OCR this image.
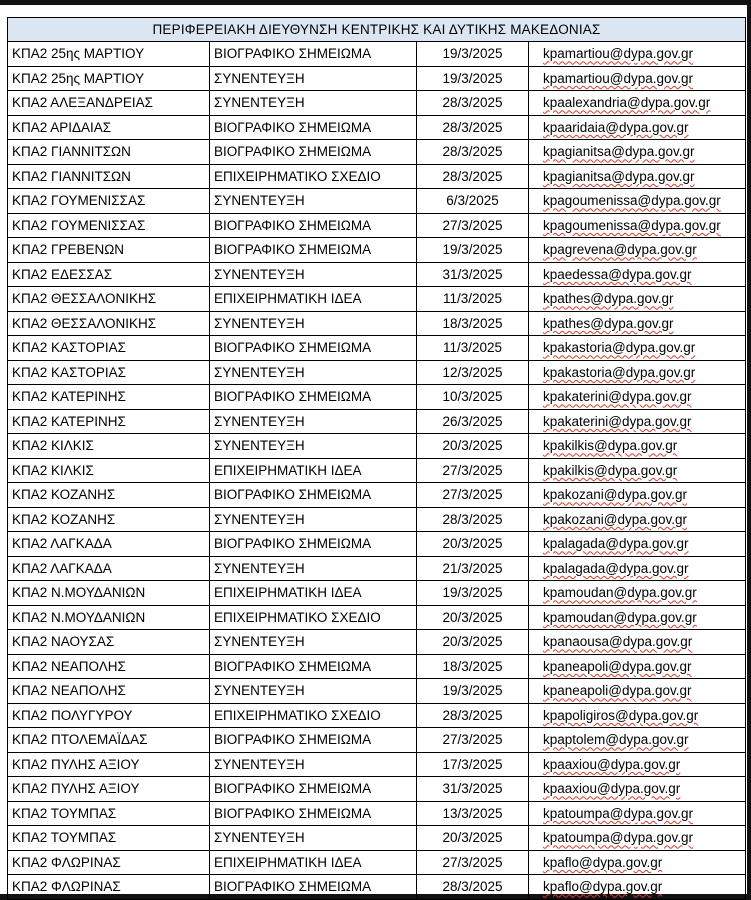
ΠΕΡΙΦΕΡΕΙΑΚΗ ΔΙΕΥΘΥΝΣΗ ΚΕΝΤΡΙΚΗΣ ΚΑΙ ΔΥΤΙΚΗΣ ΜΑΚΕΔΟΝΙΑΣ			
ΚΠΑ2 25ης ΜΑΡΤΙΟΥ	ΒΙΟΓΡΑΦΙΚΟ ΣΗΜΕΙΩΜΑ	19/3/2025	kpamartiou@dypa.gov.gr
ΚΠΑ2 25ης ΜΑΡΤΙΟΥ	ΣΥΝΕΝΤΕΥΞΗ	19/3/2025	kpamartiou@dypa.gov.gr
ΚΠΑ2 ΑΛΕΞΑΝΔΡΕΙΑΣ	ΣΥΝΕΝΤΕΥΞΗ	28/3/2025	kpaalexandria@dypa.gov.gr
ΚΠΑ2 ΑΡΙΔΑΙΑΣ	ΒΙΟΓΡΑΦΙΚΟ ΣΗΜΕΙΩΜΑ	28/3/2025	kpaaridaia@dypa.gov.gr
ΚΠΑ2 ΓΙΑΝΝΙΤΣΩΝ	ΒΙΟΓΡΑΦΙΚΟ ΣΗΜΕΙΩΜΑ	28/3/2025	kpagianitsa@dypa.gov.gr
ΚΠΑ2 ΓΙΑΝΝΙΤΣΩΝ	ΕΠΙΧΕΙΡΗΜΑΤΙΚΟ ΣΧΕΔΙΟ	28/3/2025	kpagianitsa@dypa.gov.gr
ΚΠΑ2 ΓΟΥΜΕΝΙΣΣΑΣ	ΣΥΝΕΝΤΕΥΞΗ	6/3/2025	kpagoumenissa@dypa.gov.gr
ΚΠΑ2 ΓΟΥΜΕΝΙΣΣΑΣ	ΒΙΟΓΡΑΦΙΚΟ ΣΗΜΕΙΩΜΑ	27/3/2025	kpagoumenissa@dypa.gov.gr
ΚΠΑ2 ΓΡΕΒΕΝΩΝ	ΒΙΟΓΡΑΦΙΚΟ ΣΗΜΕΙΩΜΑ	19/3/2025	kpagrevena@dypa.gov.gr
ΚΠΑ2 ΕΔΕΣΣΑΣ	ΣΥΝΕΝΤΕΥΞΗ	31/3/2025	kpaedessa@dypa.gov.gr
ΚΠΑ2 ΘΕΣΣΑΛΟΝΙΚΗΣ	ΕΠΙΧΕΙΡΗΜΑΤΙΚΗ ΙΔΕΑ	11/3/2025	kpathes@dypa.gov.gr
ΚΠΑ2 ΘΕΣΣΑΛΟΝΙΚΗΣ	ΣΥΝΕΝΤΕΥΞΗ	18/3/2025	kpathes@dypa.gov.gr
ΚΠΑ2 ΚΑΣΤΟΡΙΑΣ	ΒΙΟΓΡΑΦΙΚΟ ΣΗΜΕΙΩΜΑ	11/3/2025	kpakastoria@dypa.gov.gr
ΚΠΑ2 ΚΑΣΤΟΡΙΑΣ	ΣΥΝΕΝΤΕΥΞΗ	12/3/2025	kpakastoria@dypa.gov.gr
ΚΠΑ2 ΚΑΤΕΡΙΝΗΣ	ΒΙΟΓΡΑΦΙΚΟ ΣΗΜΕΙΩΜΑ	10/3/2025	kpakaterini@dypa.gov.gr
ΚΠΑ2 ΚΑΤΕΡΙΝΗΣ	ΣΥΝΕΝΤΕΥΞΗ	26/3/2025	kpakaterini@dypa.gov.gr
ΚΠΑ2 ΚΙΛΚΙΣ	ΣΥΝΕΝΤΕΥΞΗ	20/3/2025	kpakilkis@dypa.gov.gr
ΚΠΑ2 ΚΙΛΚΙΣ	ΕΠΙΧΕΙΡΗΜΑΤΙΚΗ ΙΔΕΑ	27/3/2025	kpakilkis@dypa.gov.gr
ΚΠΑ2 ΚΟΖΑΝΗΣ	ΒΙΟΓΡΑΦΙΚΟ ΣΗΜΕΙΩΜΑ	27/3/2025	kpakozani@dypa.gov.gr
ΚΠΑ2 ΚΟΖΑΝΗΣ	ΣΥΝΕΝΤΕΥΞΗ	28/3/2025	kpakozani@dypa.gov.gr
ΚΠΑ2 ΛΑΓΚΑΔΑ	ΒΙΟΓΡΑΦΙΚΟ ΣΗΜΕΙΩΜΑ	20/3/2025	kpalagada@dypa.gov.gr
ΚΠΑ2 ΛΑΓΚΑΔΑ	ΣΥΝΕΝΤΕΥΞΗ	21/3/2025	kpalagada@dypa.gov.gr
ΚΠΑ2 Ν.ΜΟΥΔΑΝΙΩΝ	ΕΠΙΧΕΙΡΗΜΑΤΙΚΗ ΙΔΕΑ	19/3/2025	kpamoudan@dypa.gov.gr
ΚΠΑ2 Ν.ΜΟΥΔΑΝΙΩΝ	ΕΠΙΧΕΙΡΗΜΑΤΙΚΟ ΣΧΕΔΙΟ	20/3/2025	kpamoudan@dypa.gov.gr
ΚΠΑ2 ΝΑΟΥΣΑΣ	ΣΥΝΕΝΤΕΥΞΗ	20/3/2025	kpanaousa@dypa.gov.gr
ΚΠΑ2 ΝΕΑΠΟΛΗΣ	ΒΙΟΓΡΑΦΙΚΟ ΣΗΜΕΙΩΜΑ	18/3/2025	kpaneapoli@dypa.gov.gr
ΚΠΑ2 ΝΕΑΠΟΛΗΣ	ΣΥΝΕΝΤΕΥΞΗ	19/3/2025	kpaneapoli@dypa.gov.gr
ΚΠΑ2 ΠΟΛΥΓΥΡΟΥ	ΕΠΙΧΕΙΡΗΜΑΤΙΚΟ ΣΧΕΔΙΟ	28/3/2025	kpapoligiros@dypa.gov.gr
ΚΠΑ2 ΠΤΟΛΕΜΑΪΔΑΣ	ΒΙΟΓΡΑΦΙΚΟ ΣΗΜΕΙΩΜΑ	27/3/2025	kpaptolem@dypa.gov.gr
ΚΠΑ2 ΠΥΛΗΣ ΑΞΙΟΥ	ΣΥΝΕΝΤΕΥΞΗ	17/3/2025	kpaaxiou@dypa.gov.gr
ΚΠΑ2 ΠΥΛΗΣ ΑΞΙΟΥ	ΒΙΟΓΡΑΦΙΚΟ ΣΗΜΕΙΩΜΑ	31/3/2025	kpaaxiou@dypa.gov.gr
ΚΠΑ2 ΤΟΥΜΠΑΣ	ΒΙΟΓΡΑΦΙΚΟ ΣΗΜΕΙΩΜΑ	13/3/2025	kpatoumpa@dypa.gov.gr
ΚΠΑ2 ΤΟΥΜΠΑΣ	ΣΥΝΕΝΤΕΥΞΗ	20/3/2025	kpatoumpa@dypa.gov.gr
ΚΠΑ2 ΦΛΩΡΙΝΑΣ	ΕΠΙΧΕΙΡΗΜΑΤΙΚΗ ΙΔΕΑ	27/3/2025	kpaflo@dypa.gov.gr
ΚΠΑ2 ΦΛΩΡΙΝΑΣ	ΒΙΟΓΡΑΦΙΚΟ ΣΗΜΕΙΩΜΑ	28/3/2025	kpaflo@dypa.gov.gr
